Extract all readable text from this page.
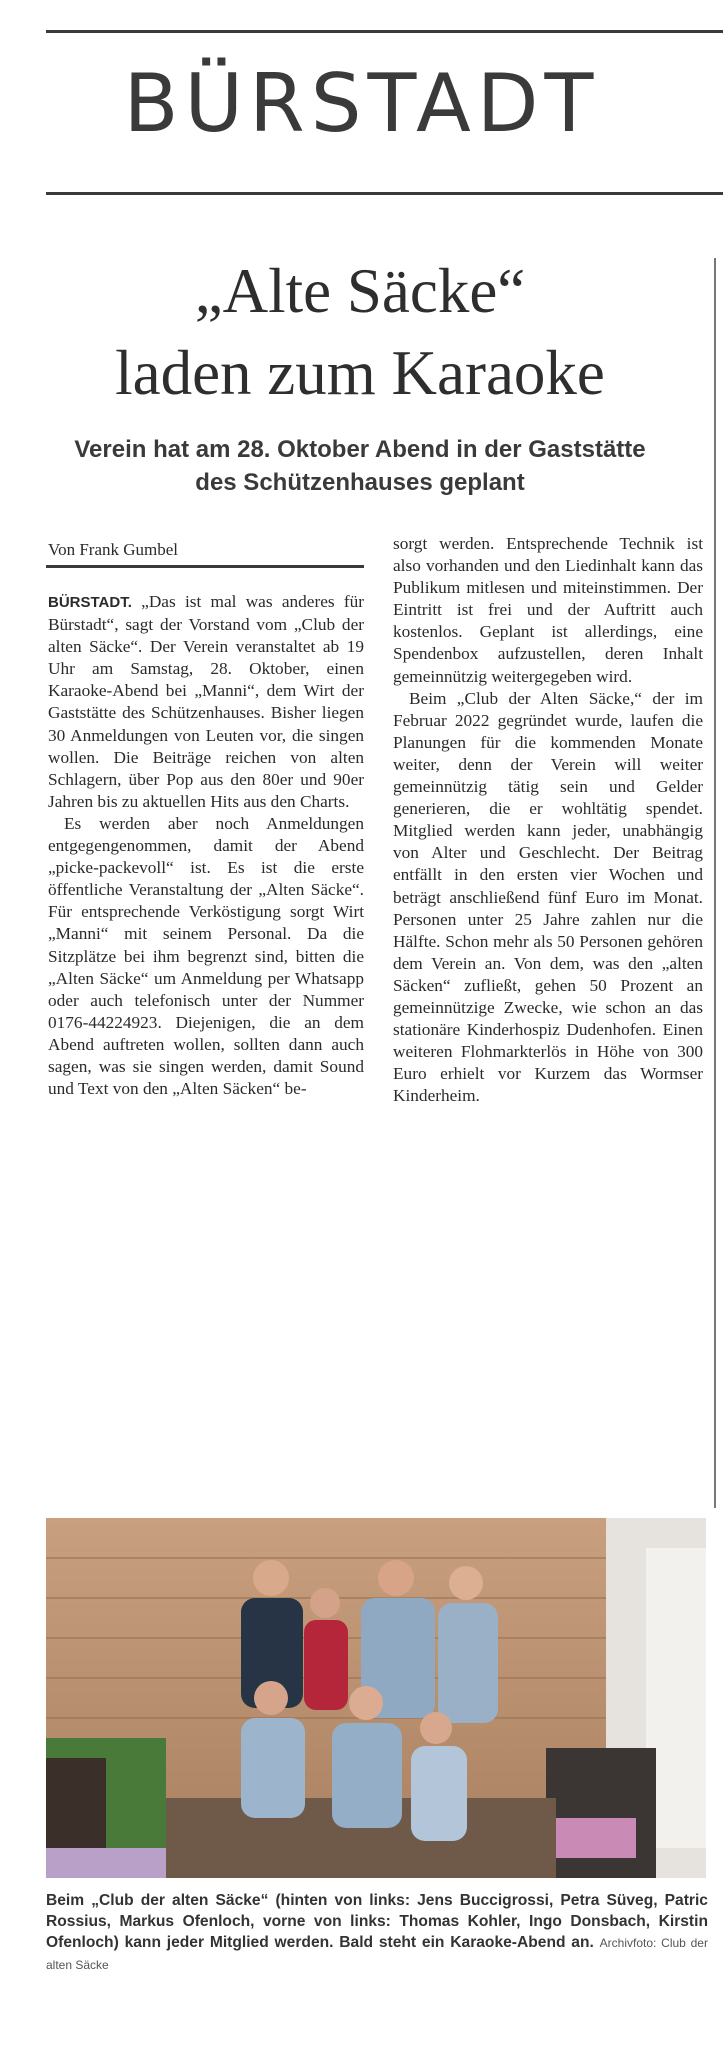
BÜRSTADT
„Alte Säcke“
laden zum Karaoke
Verein hat am 28. Oktober Abend in der Gaststätte
des Schützenhauses geplant
Von Frank Gumbel

BÜRSTADT. „Das ist mal was anderes für Bürstadt“, sagt der Vorstand vom „Club der alten Säcke“. Der Verein veranstaltet ab 19 Uhr am Samstag, 28. Oktober, einen Karaoke-Abend bei „Manni“, dem Wirt der Gaststätte des Schützenhauses. Bisher liegen 30 Anmeldungen von Leuten vor, die singen wollen. Die Beiträge reichen von alten Schlagern, über Pop aus den 80er und 90er Jahren bis zu aktuellen Hits aus den Charts.

Es werden aber noch Anmeldungen entgegengenommen, damit der Abend „picke-packevoll“ ist. Es ist die erste öffentliche Veranstaltung der „Alten Säcke“. Für entsprechende Verköstigung sorgt Wirt „Manni“ mit seinem Personal. Da die Sitzplätze bei ihm begrenzt sind, bitten die „Alten Säcke“ um Anmeldung per Whatsapp oder auch telefonisch unter der Nummer 0176-44224923. Diejenigen, die an dem Abend auftreten wollen, sollten dann auch sagen, was sie singen werden, damit Sound und Text von den „Alten Säcken“ be-

sorgt werden. Entsprechende Technik ist also vorhanden und den Liedinhalt kann das Publikum mitlesen und miteinstimmen. Der Eintritt ist frei und der Auftritt auch kostenlos. Geplant ist allerdings, eine Spendenbox aufzustellen, deren Inhalt gemeinnützig weitergegeben wird.

Beim „Club der Alten Säcke,“ der im Februar 2022 gegründet wurde, laufen die Planungen für die kommenden Monate weiter, denn der Verein will weiter gemeinnützig tätig sein und Gelder generieren, die er wohltätig spendet. Mitglied werden kann jeder, unabhängig von Alter und Geschlecht. Der Beitrag entfällt in den ersten vier Wochen und beträgt anschließend fünf Euro im Monat. Personen unter 25 Jahre zahlen nur die Hälfte. Schon mehr als 50 Personen gehören dem Verein an. Von dem, was den „alten Säcken“ zufließt, gehen 50 Prozent an gemeinnützige Zwecke, wie schon an das stationäre Kinderhospiz Dudenhofen. Einen weiteren Flohmarkterlös in Höhe von 300 Euro erhielt vor Kurzem das Wormser Kinderheim.

Beim „Club der alten Säcke“ (hinten von links: Jens Buccigrossi, Petra Süveg, Patric Rossius, Markus Ofenloch, vorne von links: Thomas Kohler, Ingo Donsbach, Kirstin Ofenloch) kann jeder Mitglied werden. Bald steht ein Karaoke-Abend an. Archivfoto: Club der alten Säcke
